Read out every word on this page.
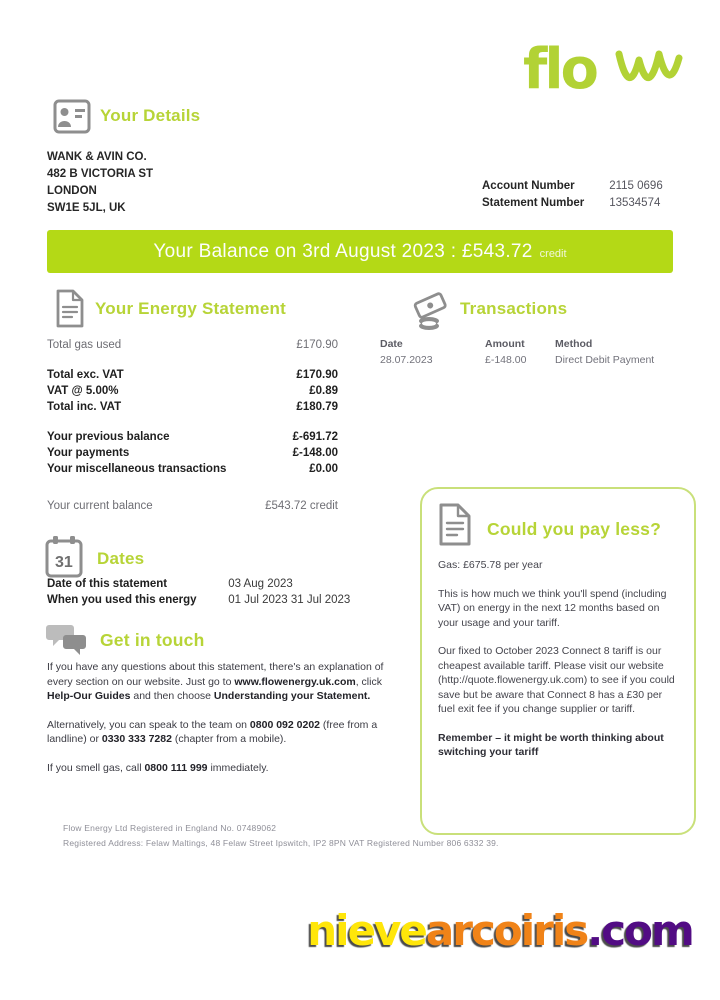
flo
Your Details
WANK & AVIN CO.
482 B VICTORIA ST
LONDON
SW1E 5JL, UK
Account Number	2115 0696
Statement Number 13534574
Your Balance on 3rd August 2023 : £543.72 credit
Your Energy Statement	Transactions
Total gas used	£170.90
Total exc. VAT	£170.90
VAT @ 5.00%	£0.89
Total inc. VAT	£180.79
Your previous balance	£-691.72
Your payments	£-148.00
Your miscellaneous transactions	£0.00
Your current balance	£543.72 credit
Date	Amount	Method
28.07.2023	£-148.00	Direct Debit Payment
Could you pay less?

Gas: £675.78 per year

This is how much we think you'll spend (including VAT) on energy in the next 12 months based on your usage and your tariff.

Our fixed to October 2023 Connect 8 tariff is our cheapest available tariff. Please visit our website (http://quote.flowenergy.uk.com) to see if you could save but be aware that Connect 8 has a £30 per fuel exit fee if you change supplier or tariff.

Remember – it might be worth thinking about switching your tariff

31 Dates
Date of this statement	03 Aug 2023
When you used this energy	01 Jul 2023 31 Jul 2023
Get in touch

If you have any questions about this statement, there's an explanation of every section on our website. Just go to www.flowenergy.uk.com, click Help-Our Guides and then choose Understanding your Statement.

Alternatively, you can speak to the team on 0800 092 0202 (free from a landline) or 0330 333 7282 (chapter from a mobile).

If you smell gas, call 0800 111 999 immediately.

Flow Energy Ltd Registered in England No. 07489062
Registered Address: Felaw Maltings, 48 Felaw Street Ipswitch, IP2 8PN VAT Registered Number 806 6332 39.
nievearcoiris.com
